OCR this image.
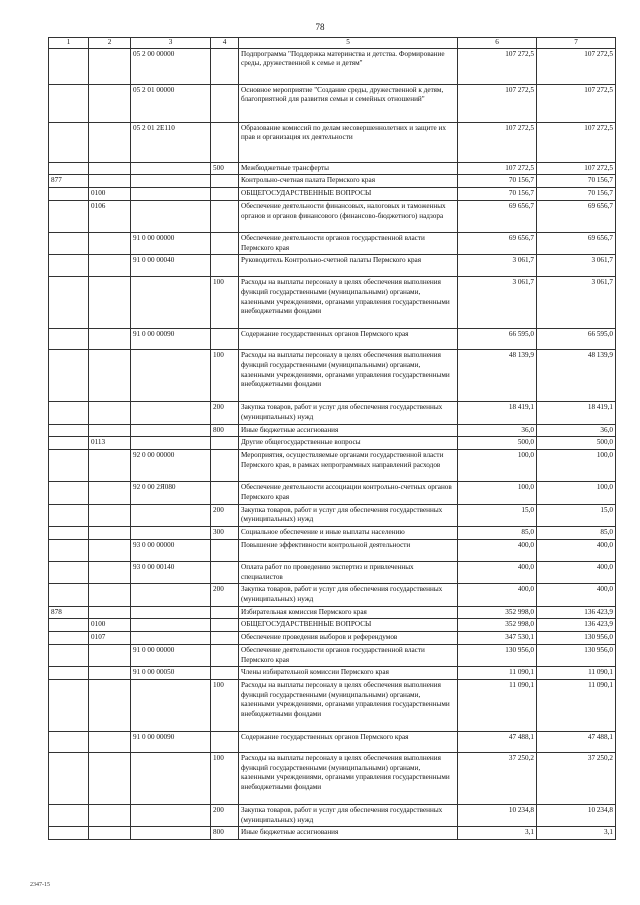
78
1	2	3	4	5	6	7
		05 2 00 00000		Подпрограмма "Поддержка материнства и детства. Формирование среды, дружественной к семье и детям"	107 272,5	107 272,5
		05 2 01 00000		Основное мероприятие "Создание среды, дружественной к детям, благоприятной для развития семьи и семейных отношений"	107 272,5	107 272,5
		05 2 01 2Е110		Образование комиссий по делам несовершеннолетних и защите их прав и организация их деятельности	107 272,5	107 272,5
			500	Межбюджетные трансферты	107 272,5	107 272,5
877				Контрольно-счетная палата Пермского края	70 156,7	70 156,7
	0100			ОБЩЕГОСУДАРСТВЕННЫЕ ВОПРОСЫ	70 156,7	70 156,7
	0106			Обеспечение деятельности финансовых, налоговых и таможенных органов и органов финансового (финансово-бюджетного) надзора	69 656,7	69 656,7
		91 0 00 00000		Обеспечение деятельности органов государственной власти Пермского края	69 656,7	69 656,7
		91 0 00 00040		Руководитель Контрольно-счетной палаты Пермского края	3 061,7	3 061,7
			100	Расходы на выплаты персоналу в целях обеспечения выполнения функций государственными (муниципальными) органами, казенными учреждениями, органами управления государственными внебюджетными фондами	3 061,7	3 061,7
		91 0 00 00090		Содержание государственных органов Пермского края	66 595,0	66 595,0
			100	Расходы на выплаты персоналу в целях обеспечения выполнения функций государственными (муниципальными) органами, казенными учреждениями, органами управления государственными внебюджетными фондами	48 139,9	48 139,9
			200	Закупка товаров, работ и услуг для обеспечения государственных (муниципальных) нужд	18 419,1	18 419,1
			800	Иные бюджетные ассигнования	36,0	36,0
	0113			Другие общегосударственные вопросы	500,0	500,0
		92 0 00 00000		Мероприятия, осуществляемые органами государственной власти Пермского края, в рамках непрограммных направлений расходов	100,0	100,0
		92 0 00 2Я080		Обеспечение деятельности ассоциации контрольно-счетных органов Пермского края	100,0	100,0
			200	Закупка товаров, работ и услуг для обеспечения государственных (муниципальных) нужд	15,0	15,0
			300	Социальное обеспечение и иные выплаты населению	85,0	85,0
		93 0 00 00000		Повышение эффективности контрольной деятельности	400,0	400,0
		93 0 00 00140		Оплата работ по проведению экспертиз и привлеченных специалистов	400,0	400,0
			200	Закупка товаров, работ и услуг для обеспечения государственных (муниципальных) нужд	400,0	400,0
878				Избирательная комиссия Пермского края	352 998,0	136 423,9
	0100			ОБЩЕГОСУДАРСТВЕННЫЕ ВОПРОСЫ	352 998,0	136 423,9
	0107			Обеспечение проведения выборов и референдумов	347 530,1	130 956,0
		91 0 00 00000		Обеспечение деятельности органов государственной власти Пермского края	130 956,0	130 956,0
		91 0 00 00050		Члены избирательной комиссии Пермского края	11 090,1	11 090,1
			100	Расходы на выплаты персоналу в целях обеспечения выполнения функций государственными (муниципальными) органами, казенными учреждениями, органами управления государственными внебюджетными фондами	11 090,1	11 090,1
		91 0 00 00090		Содержание государственных органов Пермского края	47 488,1	47 488,1
			100	Расходы на выплаты персоналу в целях обеспечения выполнения функций государственными (муниципальными) органами, казенными учреждениями, органами управления государственными внебюджетными фондами	37 250,2	37 250,2
			200	Закупка товаров, работ и услуг для обеспечения государственных (муниципальных) нужд	10 234,8	10 234,8
			800	Иные бюджетные ассигнования	3,1	3,1
2347-15
